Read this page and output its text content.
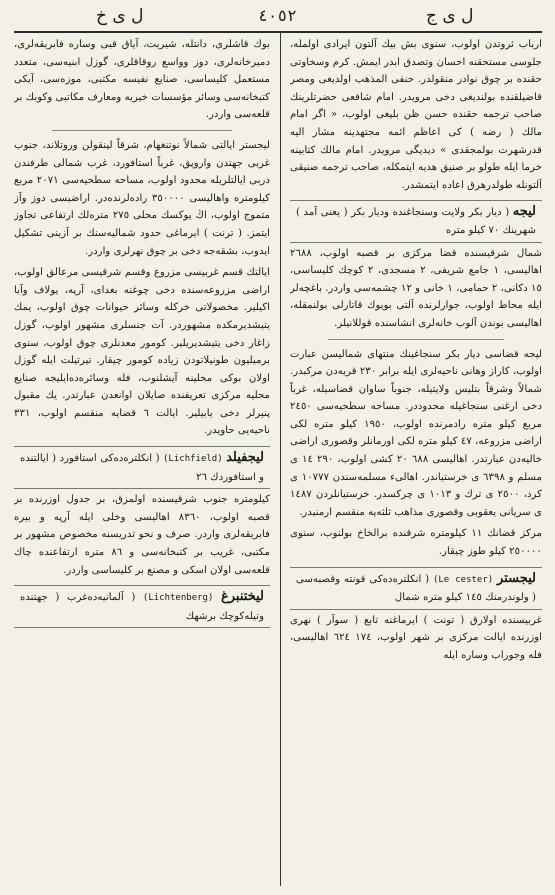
ل ى خ	٤٠٥٢	ل ى ج

ارباب ثروتدن اولوب، سنوى بش بيك آلتون ايرادى اولمله، جلوسى مستحقنه احسان وتصدق ابدر ايمش. كرم وسخاوتى حقنده بر چوق نوادر منقولدر. حنفى المذهب اولديغى ومصر قاضيلقنده بولنديغى دخى مرويدر. امام شافعى حضرتلرينك صاحب ترجمه حقنده حسن ظن بليغى اولوب، « اگر امام مالك ( رضه ) كى اعاظم ائمه مجتهدينه مشار اليه قدرشهرت بولمجقدى » ديديگى مرويدر. امام مالك كتابينه خرما ايله طولو بر صنيق هديه ايتمكله، صاحب ترجمه صنيقى آلتونله طولدرهرق اعاده ايتمشدر.

ليجه ( ديار بكر ولايت وسنجاغنده وديار بكر ( يعنى آمد ) شهرينك ٧٠ كيلو متره

شمال شرقيسنده قضا مركزى بر قصبه اولوب، ٢٦٨٨ اهاليسى، ١ جامع شريفى، ٢ مسجدى، ٢ كوچك كليساسى، ١٥ دكانى، ٢ حمامى، ١ خانى و ١٢ چشمه‌سى واردر. باغچه‌لر ايله محاط اولوب، جوارلرنده آلتى بويوك قاتارلى بولنمقله، اهاليسى بوندن آلوب خانه‌لرى انشاسنده قوللانيلر.

ليجه قضاسى ديار بكر سنجاغينك منتهاى شماليسن عبارت اولوب، كاراز وهانى ناحيه‌لرى ايله برابر ٢٣٠ قريه‌دن مركبدر. شمالاً وشرقاً بتليس ولايتيله، جنوباً ساوان قضاسيله، غرباً دخى ارغنى سنجاغيله محدوددر. مساحه سطحيه‌سى ٢٤٥٠ مربع كيلو متره رادمرنده اولوب، ١٩٥٠ كيلو متره لكى اراضى مزروعه، ٤٧ كيلو متره لكى اورمانلر وقصورى اراضى خاليه‌دن عبارتدر. اهاليسى ٦٨٨ ٢٠ كشى اولوب، ٢٩٠ ١٤ ى مسلم و ٦٣٩٨ ى خرستياندر. اهالىء مسلمه‌سندن ١٠٧٧٧ ى كرد، ٢٥٠٠ ى ترك و ١٠١٣ ى چركسدر. خرستيانلردن ١٤٨٧ ى سريانى يعقوبى وقصورى مذاهب ثلثه‌يه منقسم ارمنيدر.

مركز قضانك ١١ كيلومتره شرقنده برالخاخ بولنوب، سنوى ٢٥٠٠٠٠ كيلو طوز چيقار.

ليجستر (Le cester) ( انكلتره‌ده‌كى قونته وقصبه‌سى ( ولوندرمنك ١٤٥ كيلو متره شمال

غربيسنده اولارق ( تونت ) ايرماغنه تابع ( سوآر ) نهرى اوزرنده ايالت مركزى بر شهر اولوب، ١٧٤ ٦٢٤ اهاليسى، فله وجوراب وساره ايله

بوك قاشلرى، دانتله، شيريت، آياق قبى وساره فابريقه‌لرى، دميرخانه‌لرى، دوز وواسع روقاقلرى، گوزل ابنيه‌سى، متعدد مستعمل كليساسى، صنايع نفيسه مكتبى، موزه‌سى، آيكى كتبخانه‌سى وسائر مؤسسات خيريه ومعارف مكاتبى وكوبك بر قلعه‌سى واردر.

ليجستر ايالتى شمالاً نوتنغهام، شرقاً لينقولن وروتلاند، جنوب غربى جهتدن واروپق، غرباً استافورد، غرب شمالى طرفندن دربى ايالتلريله محدود اولوب، مساحه سطحيه‌سى ٢٠٧١ مربع كيلومتره واهاليسى ٣٥٠٠٠٠ راده‌لرنده‌در. اراضيسى دوز وآز متموج اولوب، اڭ يوكسك محلى ٢٧٥ متره‌لك ارتفاعى تجاوز ايتمز. ( ترنت ) ايرماغى حدود شماليه‌سنك بر آزينى تشكيل ايدوب، بشقه‌جه دخى بر چوق نهرلرى واردر.

ايالتك قسم غربيسى مزروع وقسم شرقيسى مرعالق اولوب، اراضى مزروعه‌سنده دخى چوغنه بغداى، آرپه، يولاف وآيا اكيلير. مخصولاتى خركله وسائر حيوانات چوق اولوب، يمك يتيشديرمكده مشهوردر. آت جنسلرى مشهور اولوب، گوزل زاغار دخى يتيشديريلير. كومور معدنلرى چوق اولوب، سنوى برميليون طونيلاتودن زياده كومور چيقار. تيرتيلت ايله گوزل اولان بوكى مخلينه آيشلنوب، فله وسائره‌ده‌ايليجه صنايع محليه مركزى تعريفنده صايلان اوانعدن عبارتدر. يك مقبول پنيرلر دخى يابيلير. ايالت ٦ قضايه منقسم اولوب، ٣٣١ ناحيه‌يى حاويدر.

ليجفيلد (Lichfield) ( انكلتره‌ده‌كى استافورد ( ايالتنده و استافوردك ٢٦

كيلومتره جنوب شرقيسنده اولمزق، بر جدول اوزرنده بر قصبه اولوب، ٨٣٦٠ اهاليسى وخلى ايله آرپه و بيره فابريقه‌لرى واردر. صرف و نحو تدريسنه مخصوص مشهور بر مكتبى، غريب بر كتبخانه‌سى و ٨٦ متره ارتفاعنده چاك قلعه‌سى اولان اسكى و مصنع بر كليساسى واردر.

ليختنبرغ (Lichtenberg) ( آلمانيه‌ده‌غرب ( جهتنده وتيله‌كوچك برشهك
